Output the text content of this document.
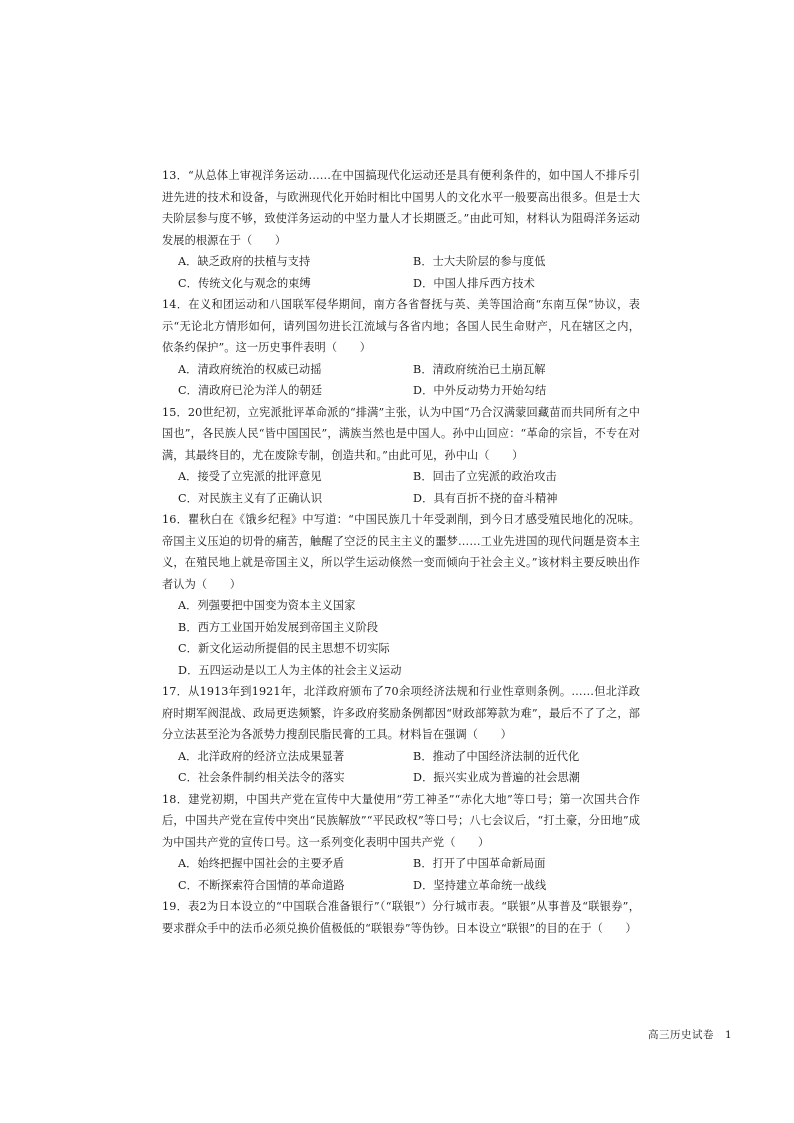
13．“从总体上审视洋务运动……在中国搞现代化运动还是具有便利条件的，如中国人不排斥引进先进的技术和设备，与欧洲现代化开始时相比中国男人的文化水平一般要高出很多。但是士大夫阶层参与度不够，致使洋务运动的中坚力量人才长期匮乏。”由此可知，材料认为阻碍洋务运动发展的根源在于（　　）

A．缺乏政府的扶植与支持	B．士大夫阶层的参与度低
C．传统文化与观念的束缚	D．中国人排斥西方技术

14．在义和团运动和八国联军侵华期间，南方各省督抚与英、美等国洽商“东南互保”协议，表示“无论北方情形如何，请列国勿进长江流域与各省内地；各国人民生命财产，凡在辖区之内，依条约保护”。这一历史事件表明（　　）

A．清政府统治的权威已动摇	B．清政府统治已土崩瓦解
C．清政府已沦为洋人的朝廷	D．中外反动势力开始勾结

15．20世纪初，立宪派批评革命派的“排满”主张，认为中国“乃合汉满蒙回藏苗而共同所有之中国也”，各民族人民“皆中国国民”，满族当然也是中国人。孙中山回应：“革命的宗旨，不专在对满，其最终目的，尤在废除专制，创造共和。”由此可见，孙中山（　　）

A．接受了立宪派的批评意见	B．回击了立宪派的政治攻击
C．对民族主义有了正确认识	D．具有百折不挠的奋斗精神

16．瞿秋白在《饿乡纪程》中写道：“中国民族几十年受剥削，到今日才感受殖民地化的况味。帝国主义压迫的切骨的痛苦，触醒了空泛的民主主义的噩梦……工业先进国的现代问题是资本主义，在殖民地上就是帝国主义，所以学生运动倏然一变而倾向于社会主义。”该材料主要反映出作者认为（　　）

A．列强要把中国变为资本主义国家
B．西方工业国开始发展到帝国主义阶段
C．新文化运动所提倡的民主思想不切实际
D．五四运动是以工人为主体的社会主义运动

17．从1913年到1921年，北洋政府颁布了70余项经济法规和行业性章则条例。……但北洋政府时期军阀混战、政局更迭频繁，许多政府奖励条例都因“财政部筹款为难”，最后不了了之，部分立法甚至沦为各派势力搜刮民脂民膏的工具。材料旨在强调（　　）

A．北洋政府的经济立法成果显著	B．推动了中国经济法制的近代化
C．社会条件制约相关法令的落实	D．振兴实业成为普遍的社会思潮

18．建党初期，中国共产党在宣传中大量使用“劳工神圣”“赤化大地”等口号；第一次国共合作后，中国共产党在宣传中突出“民族解放”“平民政权”等口号；八七会议后，“打土豪，分田地”成为中国共产党的宣传口号。这一系列变化表明中国共产党（　　）

A．始终把握中国社会的主要矛盾	B．打开了中国革命新局面
C．不断探索符合国情的革命道路	D．坚持建立革命统一战线

19．表2为日本设立的“中国联合准备银行”（“联银”）分行城市表。“联银”从事普及“联银券”，要求群众手中的法币必须兑换价值极低的“联银券”等伪钞。日本设立“联银”的目的在于（　　）

高三历史试卷　1
